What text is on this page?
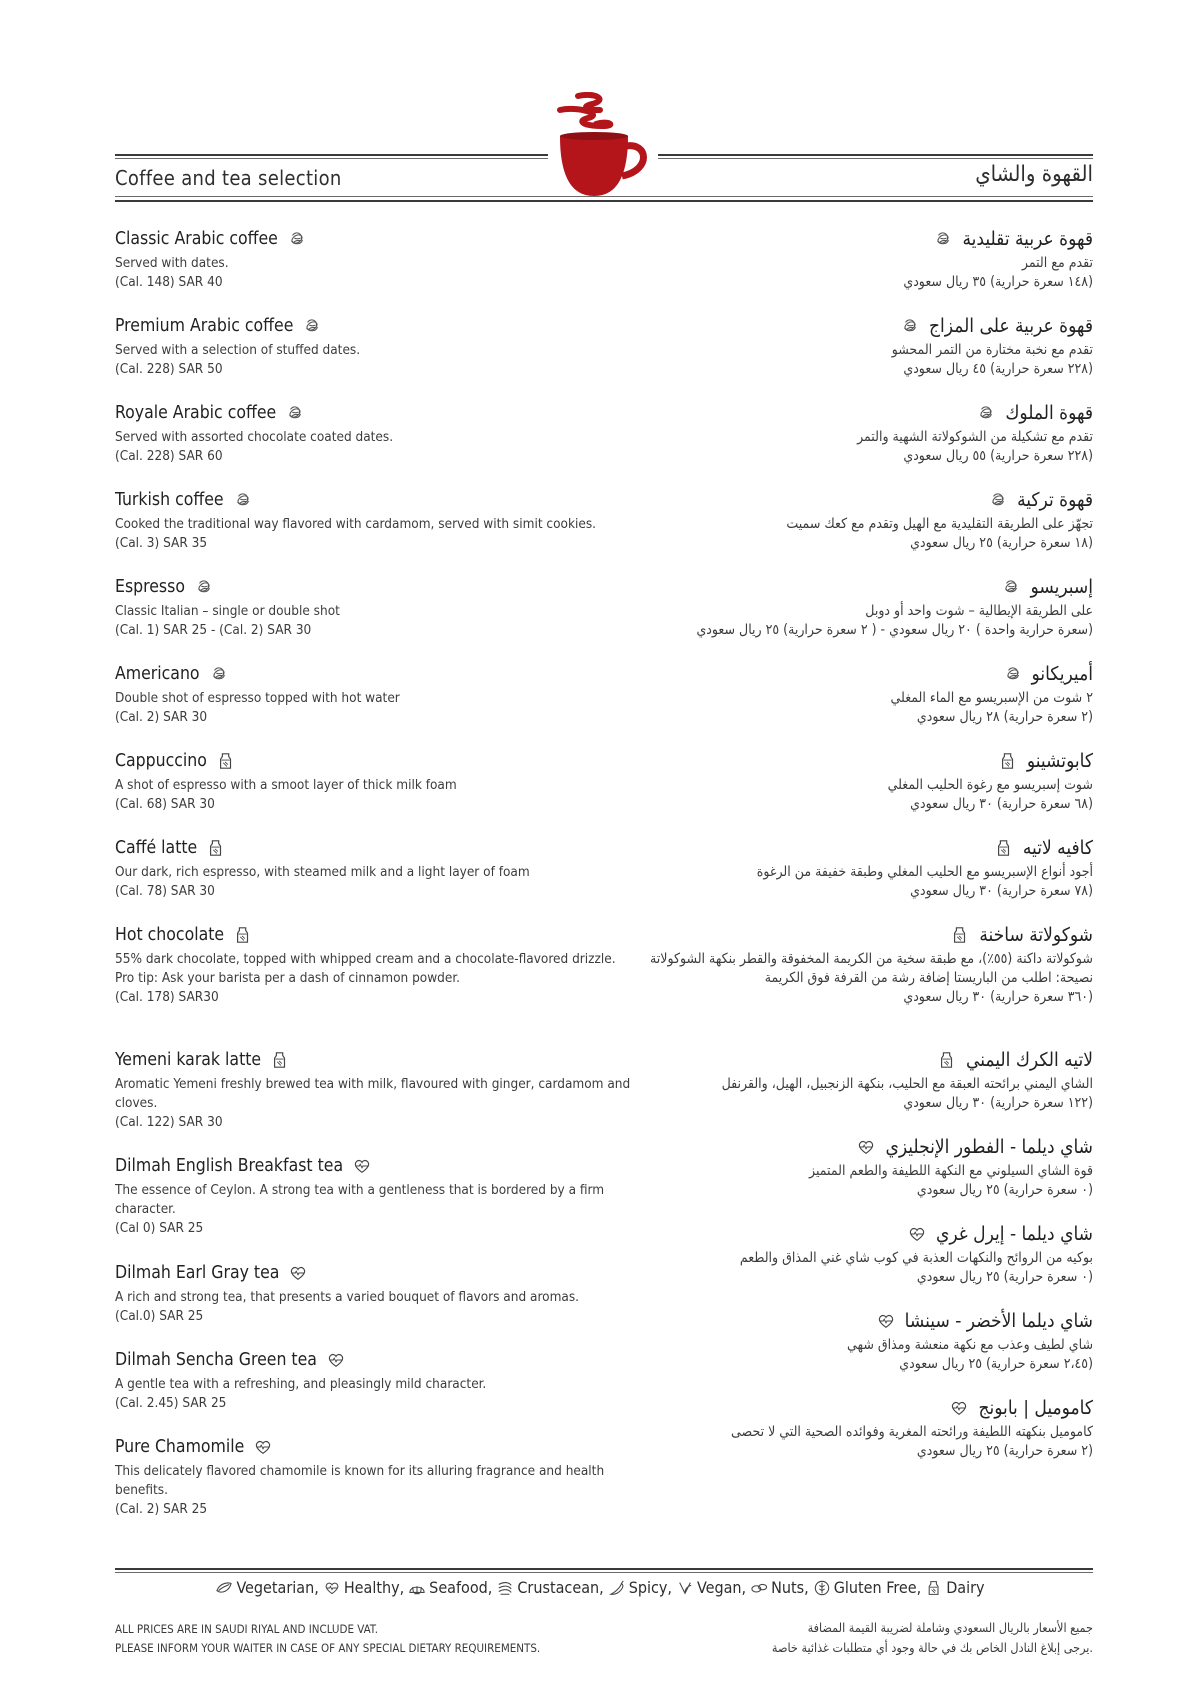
Coffee and tea selection	القهوة والشاي
Classic Arabic coffee
Served with dates.
(Cal. 148) SAR 40
Premium Arabic coffee
Served with a selection of stuffed dates.
(Cal. 228) SAR 50
Royale Arabic coffee
Served with assorted chocolate coated dates.
(Cal. 228) SAR 60
Turkish coffee
Cooked the traditional way flavored with cardamom, served with simit cookies.
(Cal. 3) SAR 35
Espresso
Classic Italian – single or double shot
(Cal. 1) SAR 25 - (Cal. 2) SAR 30
Americano
Double shot of espresso topped with hot water
(Cal. 2) SAR 30
Cappuccino
A shot of espresso with a smoot layer of thick milk foam
(Cal. 68) SAR 30
Caffé latte
Our dark, rich espresso, with steamed milk and a light layer of foam
(Cal. 78) SAR 30
Hot chocolate
55% dark chocolate, topped with whipped cream and a chocolate-flavored drizzle.
Pro tip: Ask your barista per a dash of cinnamon powder.
(Cal. 178) SAR30
Yemeni karak latte
Aromatic Yemeni freshly brewed tea with milk, flavoured with ginger, cardamom and cloves.
(Cal. 122) SAR 30
Dilmah English Breakfast tea
The essence of Ceylon. A strong tea with a gentleness that is bordered by a firm character.
(Cal 0) SAR 25
Dilmah Earl Gray tea
A rich and strong tea, that presents a varied bouquet of flavors and aromas.
(Cal.0) SAR 25
Dilmah Sencha Green tea
A gentle tea with a refreshing, and pleasingly mild character.
(Cal. 2.45) SAR 25
Pure Chamomile
This delicately flavored chamomile is known for its alluring fragrance and health benefits.
(Cal. 2) SAR 25
قهوة عربية تقليدية
تقدم مع التمر
(١٤٨ سعرة حرارية) ٣٥ ريال سعودي
قهوة عربية على المزاج
تقدم مع نخبة مختارة من التمر المحشو
(٢٢٨ سعرة حرارية) ٤٥ ريال سعودي
قهوة الملوك
تقدم مع تشكيلة من الشوكولاتة الشهية والتمر
(٢٢٨ سعرة حرارية) ٥٥ ريال سعودي
قهوة تركية
تجهّز على الطريقة التقليدية مع الهيل وتقدم مع كعك سميت
(١٨ سعرة حرارية) ٢٥ ريال سعودي
إسبريسو
على الطريقة الإيطالية – شوت واحد أو دوبل
(سعرة حرارية واحدة ) ٢٠ ريال سعودي - ( ٢ سعرة حرارية) ٢٥ ريال سعودي
أميريكانو
٢ شوت من الإسبريسو مع الماء المغلي
(٢ سعرة حرارية) ٢٨ ريال سعودي
كابوتشينو
شوت إسبريسو مع رغوة الحليب المغلي
(٦٨ سعرة حرارية) ٣٠ ريال سعودي
كافيه لاتيه
أجود أنواع الإسبريسو مع الحليب المغلي وطبقة خفيفة من الرغوة
(٧٨ سعرة حرارية) ٣٠ ريال سعودي
شوكولاتة ساخنة
شوكولاتة داكنة (٥٥٪)، مع طبقة سخية من الكريمة المخفوقة والقطر بنكهة الشوكولاتة
نصيحة: اطلب من الباريستا إضافة رشة من القرفة فوق الكريمة
(٣٦٠ سعرة حرارية) ٣٠ ريال سعودي
لاتيه الكرك اليمني
الشاي اليمني برائحته العبقة مع الحليب، بنكهة الزنجبيل، الهيل، والقرنفل
(١٢٢ سعرة حرارية) ٣٠ ريال سعودي
شاي ديلما - الفطور الإنجليزي
قوة الشاي السيلوني مع النكهة اللطيفة والطعم المتميز
(٠ سعرة حرارية) ٢٥ ريال سعودي
شاي ديلما - إيرل غري
بوكيه من الروائح والنكهات العذبة في كوب شاي غني المذاق والطعم
(٠ سعرة حرارية) ٢٥ ريال سعودي
شاي ديلما الأخضر - سينشا
شاي لطيف وعذب مع نكهة منعشة ومذاق شهي
(٢،٤٥ سعرة حرارية) ٢٥ ريال سعودي
كاموميل | بابونج
كاموميل بنكهته اللطيفة ورائحته المغرية وفوائده الصحية التي لا تحصى
(٢ سعرة حرارية) ٢٥ ريال سعودي
Vegetarian, Healthy, Seafood, Crustacean, Spicy, Vegan, Nuts, Gluten Free, Dairy
ALL PRICES ARE IN SAUDI RIYAL AND INCLUDE VAT.
PLEASE INFORM YOUR WAITER IN CASE OF ANY SPECIAL DIETARY REQUIREMENTS.
جميع الأسعار بالريال السعودي وشاملة لضريبة القيمة المضافة
.يرجى إبلاغ النادل الخاص بك في حالة وجود أي متطلبات غذائية خاصة
